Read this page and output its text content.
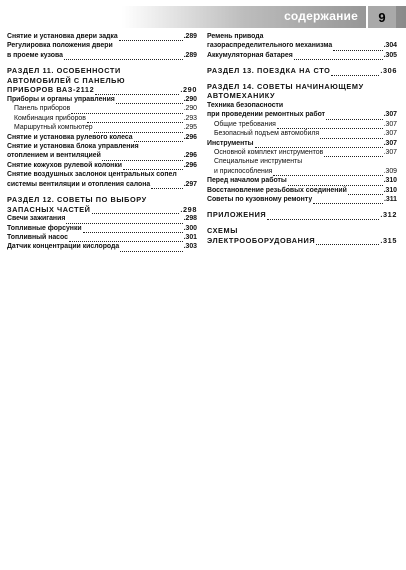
содержание 9
Снятие и установка двери задка	.289
Регулировка положения двери
в проеме кузова	.289
РАЗДЕЛ 11. ОСОБЕННОСТИ
АВТОМОБИЛЕЙ С ПАНЕЛЬЮ
ПРИБОРОВ ВАЗ-2112	.290
Приборы и органы управления	.290
Панель приборов	.290
Комбинация приборов	.293
Маршрутный компьютер	.295
Снятие и установка рулевого колеса	.296
Снятие и установка блока управления
отоплением и вентиляцией	.296
Снятие кожухов рулевой колонки	.296
Снятие воздушных заслонок центральных сопел
системы вентиляции и отопления салона	.297
РАЗДЕЛ 12. СОВЕТЫ ПО ВЫБОРУ
ЗАПАСНЫХ ЧАСТЕЙ	.298
Свечи зажигания	.298
Топливные форсунки	.300
Топливный насос	.301
Датчик концентрации кислорода	.303
Ремень привода
газораспределительного механизма	.304
Аккумуляторная батарея	.305
РАЗДЕЛ 13. ПОЕЗДКА НА СТО	.306
РАЗДЕЛ 14. СОВЕТЫ НАЧИНАЮЩЕМУ
АВТОМЕХАНИКУ
Техника безопасности
при проведении ремонтных работ	.307
Общие требования	.307
Безопасный подъем автомобиля	.307
Инструменты	.307
Основной комплект инструментов	.307
Специальные инструменты
и приспособления	.309
Перед началом работы	.310
Восстановление резьбовых соединений	.310
Советы по кузовному ремонту	.311
ПРИЛОЖЕНИЯ	.312
СХЕМЫ
ЭЛЕКТРООБОРУДОВАНИЯ	.315
